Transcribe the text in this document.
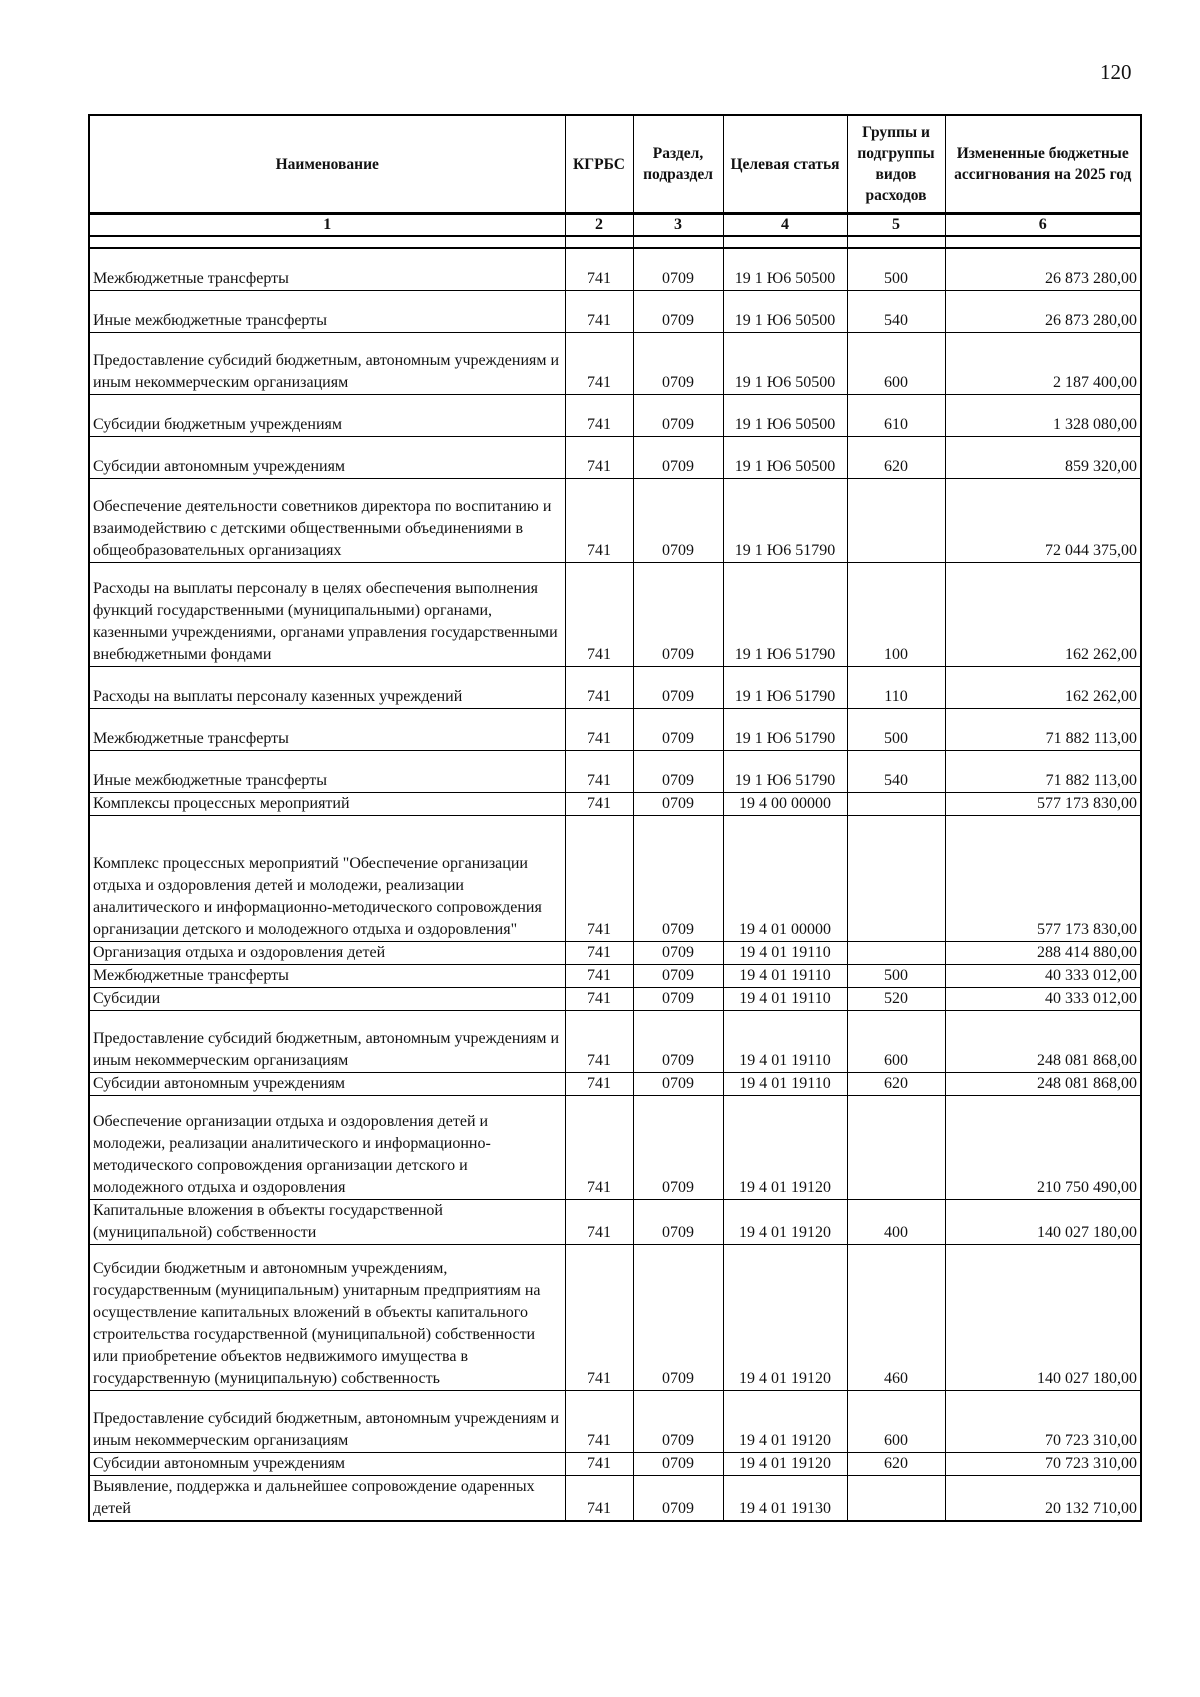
120
Наименование	КГРБС	Раздел, подраздел	Целевая статья	Группы и подгруппы видов расходов	Измененные бюджетные ассигнования на 2025 год
1	2	3	4	5	6

Межбюджетные трансферты	741	0709	19 1 Ю6 50500	500	26 873 280,00
Иные межбюджетные трансферты	741	0709	19 1 Ю6 50500	540	26 873 280,00
Предоставление субсидий бюджетным, автономным учреждениям и иным некоммерческим организациям	741	0709	19 1 Ю6 50500	600	2 187 400,00
Субсидии бюджетным учреждениям	741	0709	19 1 Ю6 50500	610	1 328 080,00
Субсидии автономным учреждениям	741	0709	19 1 Ю6 50500	620	859 320,00
Обеспечение деятельности советников директора по воспитанию и взаимодействию с детскими общественными объединениями в общеобразовательных организациях	741	0709	19 1 Ю6 51790		72 044 375,00
Расходы на выплаты персоналу в целях обеспечения выполнения функций государственными (муниципальными) органами, казенными учреждениями, органами управления государственными внебюджетными фондами	741	0709	19 1 Ю6 51790	100	162 262,00
Расходы на выплаты персоналу казенных учреждений	741	0709	19 1 Ю6 51790	110	162 262,00
Межбюджетные трансферты	741	0709	19 1 Ю6 51790	500	71 882 113,00
Иные межбюджетные трансферты	741	0709	19 1 Ю6 51790	540	71 882 113,00
Комплексы процессных мероприятий	741	0709	19 4 00 00000		577 173 830,00
Комплекс процессных мероприятий "Обеспечение организации отдыха и оздоровления детей и молодежи, реализации аналитического и информационно-методического сопровождения организации детского и молодежного отдыха и оздоровления"	741	0709	19 4 01 00000		577 173 830,00
Организация отдыха и оздоровления детей	741	0709	19 4 01 19110		288 414 880,00
Межбюджетные трансферты	741	0709	19 4 01 19110	500	40 333 012,00
Субсидии	741	0709	19 4 01 19110	520	40 333 012,00
Предоставление субсидий бюджетным, автономным учреждениям и иным некоммерческим организациям	741	0709	19 4 01 19110	600	248 081 868,00
Субсидии автономным учреждениям	741	0709	19 4 01 19110	620	248 081 868,00
Обеспечение организации отдыха и оздоровления детей и молодежи, реализации аналитического и информационно-методического сопровождения организации детского и молодежного отдыха и оздоровления	741	0709	19 4 01 19120		210 750 490,00
Капитальные вложения в объекты государственной (муниципальной) собственности	741	0709	19 4 01 19120	400	140 027 180,00
Субсидии бюджетным и автономным учреждениям, государственным (муниципальным) унитарным предприятиям на осуществление капитальных вложений в объекты капитального строительства государственной (муниципальной) собственности или приобретение объектов недвижимого имущества в государственную (муниципальную) собственность	741	0709	19 4 01 19120	460	140 027 180,00
Предоставление субсидий бюджетным, автономным учреждениям и иным некоммерческим организациям	741	0709	19 4 01 19120	600	70 723 310,00
Субсидии автономным учреждениям	741	0709	19 4 01 19120	620	70 723 310,00
Выявление, поддержка и дальнейшее сопровождение одаренных детей	741	0709	19 4 01 19130		20 132 710,00
